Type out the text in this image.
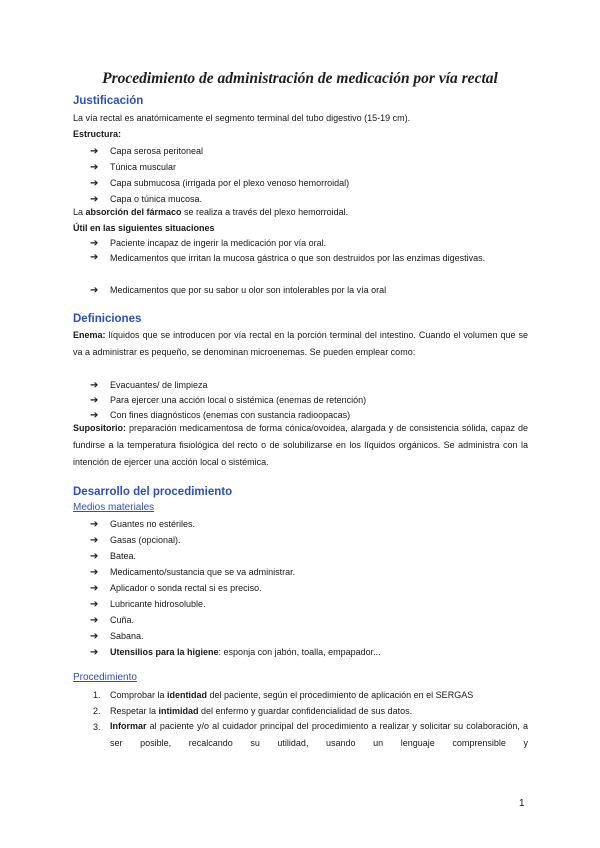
Procedimiento de administración de medicación por vía rectal
Justificación
La vía rectal es anatómicamente el segmento terminal del tubo digestivo (15-19 cm).
Estructura:
➔ Capa serosa peritoneal
➔ Túnica muscular
➔ Capa submucosa (irrigada por el plexo venoso hemorroidal)
➔ Capa o túnica mucosa.
La absorción del fármaco se realiza a través del plexo hemorroidal.
Útil en las siguientes situaciones
➔ Paciente incapaz de ingerir la medicación por vía oral.
➔ Medicamentos que irritan la mucosa gástrica o que son destruidos por las enzimas digestivas.
➔ Medicamentos que por su sabor u olor son intolerables por la vía oral
Definiciones
Enema: líquidos que se introducen por vía rectal en la porción terminal del intestino. Cuando el volumen que se va a administrar es pequeño, se denominan microenemas. Se pueden emplear como:
➔ Evacuantes/ de limpieza
➔ Para ejercer una acción local o sistémica (enemas de retención)
➔ Con fines diagnósticos (enemas con sustancia radioopacas)
Supositorio: preparación medicamentosa de forma cónica/ovoidea, alargada y de consistencia sólida, capaz de fundirse a la temperatura fisiológica del recto o de solubilizarse en los líquidos orgánicos. Se administra con la intención de ejercer una acción local o sistémica.
Desarrollo del procedimiento
Medios materiales
➔ Guantes no estériles.
➔ Gasas (opcional).
➔ Batea.
➔ Medicamento/sustancia que se va administrar.
➔ Aplicador o sonda rectal si es preciso.
➔ Lubricante hidrosoluble.
➔ Cuña.
➔ Sabana.
➔ Utensilios para la higiene: esponja con jabón, toalla, empapador...
Procedimiento
1. Comprobar la identidad del paciente, según el procedimiento de aplicación en el SERGAS
2. Respetar la intimidad del enfermo y guardar confidencialidad de sus datos.
3. Informar al paciente y/o al cuidador principal del procedimiento a realizar y solicitar su colaboración, a ser posible, recalcando su utilidad, usando un lenguaje comprensible y
1
